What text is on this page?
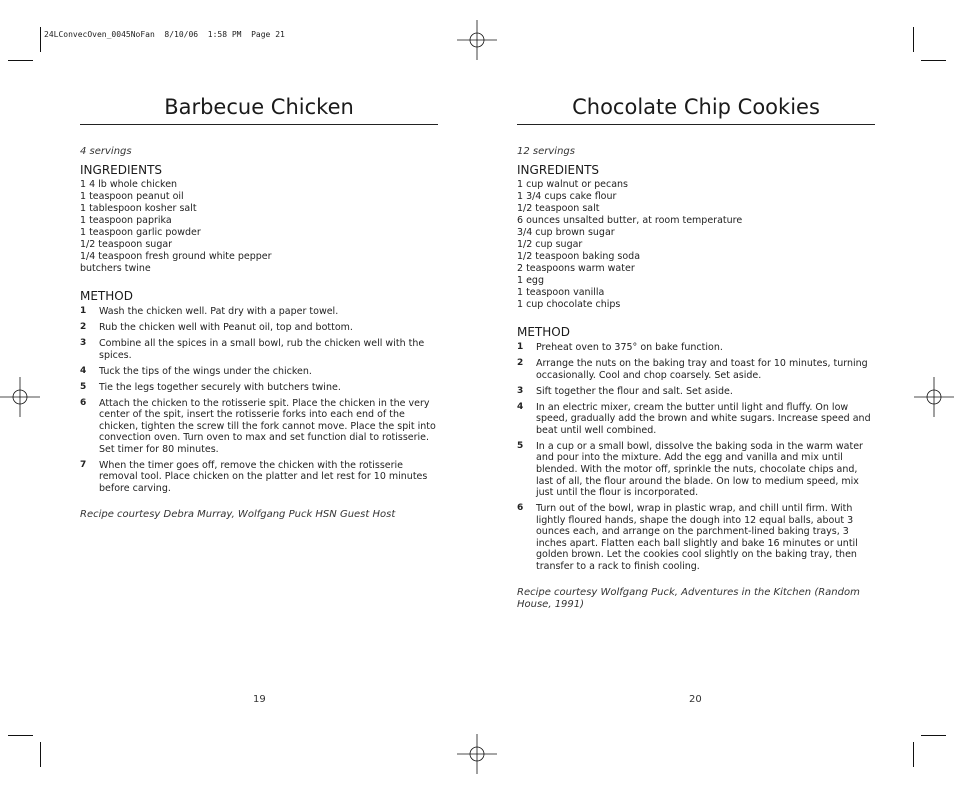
24LConvecOven_0045NoFan  8/10/06  1:58 PM  Page 21
Barbecue Chicken
4 servings
INGREDIENTS
1 4 lb whole chicken
1 teaspoon peanut oil
1 tablespoon kosher salt
1 teaspoon paprika
1 teaspoon garlic powder
1/2 teaspoon sugar
1/4 teaspoon fresh ground white pepper
butchers twine
METHOD
1	Wash the chicken well. Pat dry with a paper towel.
2	Rub the chicken well with Peanut oil, top and bottom.
3	Combine all the spices in a small bowl, rub the chicken well with the spices.
4	Tuck the tips of the wings under the chicken.
5	Tie the legs together securely with butchers twine.
6	Attach the chicken to the rotisserie spit. Place the chicken in the very center of the spit, insert the rotisserie forks into each end of the chicken, tighten the screw till the fork cannot move. Place the spit into convection oven. Turn oven to max and set function dial to rotisserie. Set timer for 80 minutes.
7	When the timer goes off, remove the chicken with the rotisserie removal tool. Place chicken on the platter and let rest for 10 minutes before carving.
Recipe courtesy Debra Murray, Wolfgang Puck HSN Guest Host
19
Chocolate Chip Cookies
12 servings
INGREDIENTS
1 cup walnut or pecans
1 3/4 cups cake flour
1/2 teaspoon salt
6 ounces unsalted butter, at room temperature
3/4 cup brown sugar
1/2 cup sugar
1/2 teaspoon baking soda
2 teaspoons warm water
1 egg
1 teaspoon vanilla
1 cup chocolate chips
METHOD
1	Preheat oven to 375° on bake function.
2	Arrange the nuts on the baking tray and toast for 10 minutes, turning occasionally. Cool and chop coarsely. Set aside.
3	Sift together the flour and salt. Set aside.
4	In an electric mixer, cream the butter until light and fluffy. On low speed, gradually add the brown and white sugars. Increase speed and beat until well combined.
5	In a cup or a small bowl, dissolve the baking soda in the warm water and pour into the mixture. Add the egg and vanilla and mix until blended. With the motor off, sprinkle the nuts, chocolate chips and, last of all, the flour around the blade. On low to medium speed, mix just until the flour is incorporated.
6	Turn out of the bowl, wrap in plastic wrap, and chill until firm. With lightly floured hands, shape the dough into 12 equal balls, about 3 ounces each, and arrange on the parchment-lined baking trays, 3 inches apart. Flatten each ball slightly and bake 16 minutes or until golden brown. Let the cookies cool slightly on the baking tray, then transfer to a rack to finish cooling.
Recipe courtesy Wolfgang Puck, Adventures in the Kitchen (Random House, 1991)
20
